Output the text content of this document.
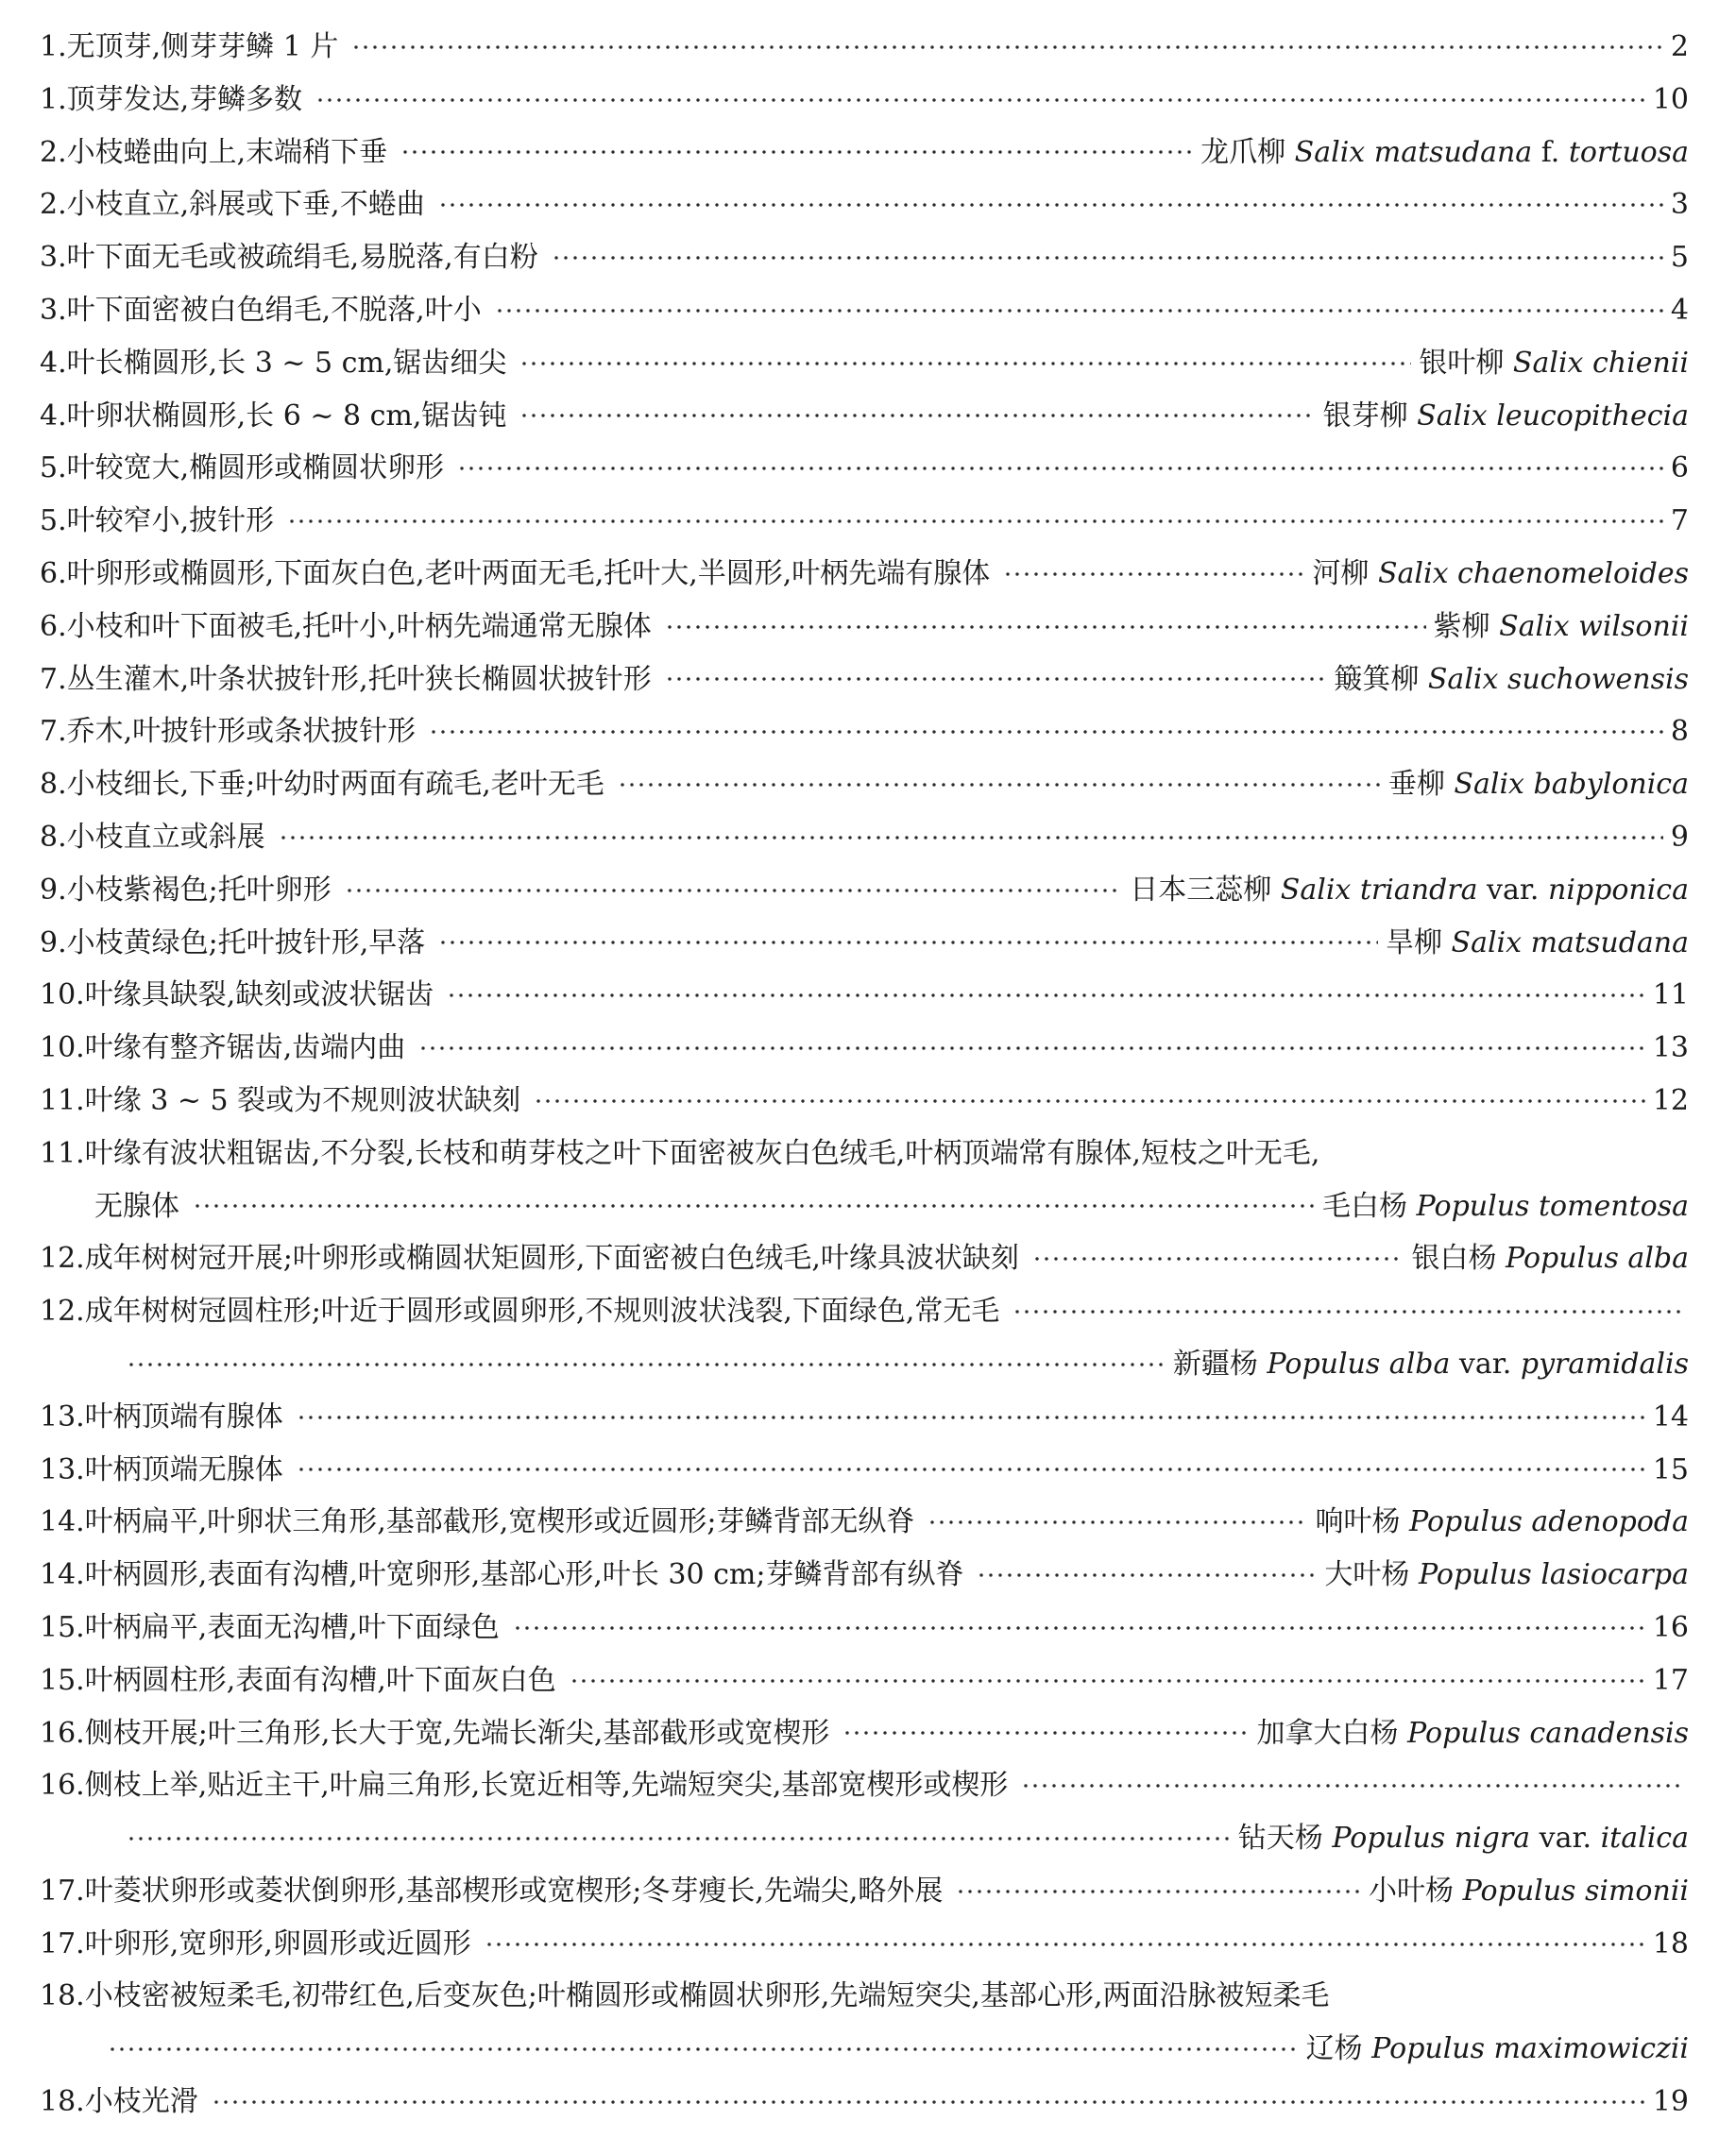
1. 无顶芽,侧芽芽鳞 1 片	2
1. 顶芽发达,芽鳞多数	10
2. 小枝蜷曲向上,末端稍下垂	龙爪柳 Salix matsudana f. tortuosa
2. 小枝直立,斜展或下垂,不蜷曲	3
3. 叶下面无毛或被疏绢毛,易脱落,有白粉	5
3. 叶下面密被白色绢毛,不脱落,叶小	4
4. 叶长椭圆形,长 3 ~ 5 cm,锯齿细尖	银叶柳 Salix chienii
4. 叶卵状椭圆形,长 6 ~ 8 cm,锯齿钝	银芽柳 Salix leucopithecia
5. 叶较宽大,椭圆形或椭圆状卵形	6
5. 叶较窄小,披针形	7
6. 叶卵形或椭圆形,下面灰白色,老叶两面无毛,托叶大,半圆形,叶柄先端有腺体	河柳 Salix chaenomeloides
6. 小枝和叶下面被毛,托叶小,叶柄先端通常无腺体	紫柳 Salix wilsonii
7. 丛生灌木,叶条状披针形,托叶狭长椭圆状披针形	簸箕柳 Salix suchowensis
7. 乔木,叶披针形或条状披针形	8
8. 小枝细长,下垂;叶幼时两面有疏毛,老叶无毛	垂柳 Salix babylonica
8. 小枝直立或斜展	9
9. 小枝紫褐色;托叶卵形	日本三蕊柳 Salix triandra var. nipponica
9. 小枝黄绿色;托叶披针形,早落	旱柳 Salix matsudana
10. 叶缘具缺裂,缺刻或波状锯齿	11
10. 叶缘有整齐锯齿,齿端内曲	13
11. 叶缘 3 ~ 5 裂或为不规则波状缺刻	12
11. 叶缘有波状粗锯齿,不分裂,长枝和萌芽枝之叶下面密被灰白色绒毛,叶柄顶端常有腺体,短枝之叶无毛,
无腺体	毛白杨 Populus tomentosa
12. 成年树树冠开展;叶卵形或椭圆状矩圆形,下面密被白色绒毛,叶缘具波状缺刻	银白杨 Populus alba
12. 成年树树冠圆柱形;叶近于圆形或圆卵形,不规则波状浅裂,下面绿色,常无毛
新疆杨 Populus alba var. pyramidalis
13. 叶柄顶端有腺体	14
13. 叶柄顶端无腺体	15
14. 叶柄扁平,叶卵状三角形,基部截形,宽楔形或近圆形;芽鳞背部无纵脊	响叶杨 Populus adenopoda
14. 叶柄圆形,表面有沟槽,叶宽卵形,基部心形,叶长 30 cm;芽鳞背部有纵脊	大叶杨 Populus lasiocarpa
15. 叶柄扁平,表面无沟槽,叶下面绿色	16
15. 叶柄圆柱形,表面有沟槽,叶下面灰白色	17
16. 侧枝开展;叶三角形,长大于宽,先端长渐尖,基部截形或宽楔形	加拿大白杨 Populus canadensis
16. 侧枝上举,贴近主干,叶扁三角形,长宽近相等,先端短突尖,基部宽楔形或楔形
钻天杨 Populus nigra var. italica
17. 叶菱状卵形或菱状倒卵形,基部楔形或宽楔形;冬芽瘦长,先端尖,略外展	小叶杨 Populus simonii
17. 叶卵形,宽卵形,卵圆形或近圆形	18
18. 小枝密被短柔毛,初带红色,后变灰色;叶椭圆形或椭圆状卵形,先端短突尖,基部心形,两面沿脉被短柔毛
辽杨 Populus maximowiczii
18. 小枝光滑	19
